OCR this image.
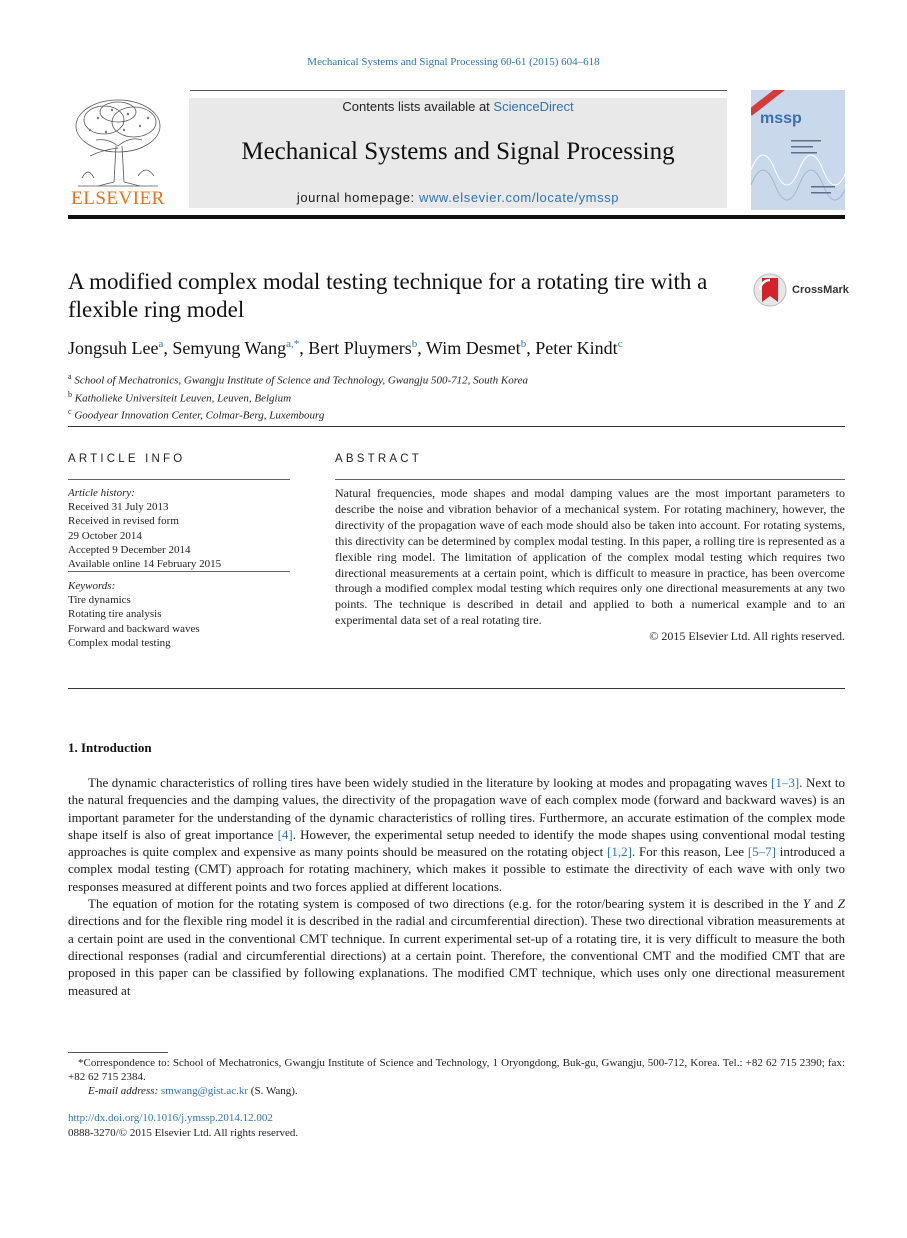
Mechanical Systems and Signal Processing 60-61 (2015) 604–618
ELSEVIER
Contents lists available at ScienceDirect
Mechanical Systems and Signal Processing
journal homepage: www.elsevier.com/locate/ymssp
mssp
A modified complex modal testing technique for a rotating tire with a flexible ring model
CrossMark
Jongsuh Lee$^a$, Semyung Wang$^{a,*}$, Bert Pluymers$^b$, Wim Desmet$^b$, Peter Kindt$^c$
$^a$ School of Mechatronics, Gwangju Institute of Science and Technology, Gwangju 500-712, South Korea
$^b$ Katholieke Universiteit Leuven, Leuven, Belgium
$^c$ Goodyear Innovation Center, Colmar-Berg, Luxembourg
ARTICLE INFO	ABSTRACT
Article history:
Received 31 July 2013
Received in revised form
29 October 2014
Accepted 9 December 2014
Available online 14 February 2015
Keywords:
Tire dynamics
Rotating tire analysis
Forward and backward waves
Complex modal testing
Natural frequencies, mode shapes and modal damping values are the most important parameters to describe the noise and vibration behavior of a mechanical system. For rotating machinery, however, the directivity of the propagation wave of each mode should also be taken into account. For rotating systems, this directivity can be determined by complex modal testing. In this paper, a rolling tire is represented as a flexible ring model. The limitation of application of the complex modal testing which requires two directional measurements at a certain point, which is difficult to measure in practice, has been overcome through a modified complex modal testing which requires only one directional measurements at any two points. The technique is described in detail and applied to both a numerical example and to an experimental data set of a real rotating tire.
© 2015 Elsevier Ltd. All rights reserved.
1. Introduction

The dynamic characteristics of rolling tires have been widely studied in the literature by looking at modes and propagating waves [1–3]. Next to the natural frequencies and the damping values, the directivity of the propagation wave of each complex mode (forward and backward waves) is an important parameter for the understanding of the dynamic characteristics of rolling tires. Furthermore, an accurate estimation of the complex mode shape itself is also of great importance [4]. However, the experimental setup needed to identify the mode shapes using conventional modal testing approaches is quite complex and expensive as many points should be measured on the rotating object [1,2]. For this reason, Lee [5–7] introduced a complex modal testing (CMT) approach for rotating machinery, which makes it possible to estimate the directivity of each wave with only two responses measured at different points and two forces applied at different locations.

The equation of motion for the rotating system is composed of two directions (e.g. for the rotor/bearing system it is described in the Y and Z directions and for the flexible ring model it is described in the radial and circumferential direction). These two directional vibration measurements at a certain point are used in the conventional CMT technique. In current experimental set-up of a rotating tire, it is very difficult to measure the both directional responses (radial and circumferential directions) at a certain point. Therefore, the conventional CMT and the modified CMT that are proposed in this paper can be classified by following explanations. The modified CMT technique, which uses only one directional measurement measured at

*Correspondence to: School of Mechatronics, Gwangju Institute of Science and Technology, 1 Oryongdong, Buk-gu, Gwangju, 500-712, Korea. Tel.: +82 62 715 2390; fax: +82 62 715 2384.

E-mail address: smwang@gist.ac.kr (S. Wang).

http://dx.doi.org/10.1016/j.ymssp.2014.12.002
0888-3270/© 2015 Elsevier Ltd. All rights reserved.
